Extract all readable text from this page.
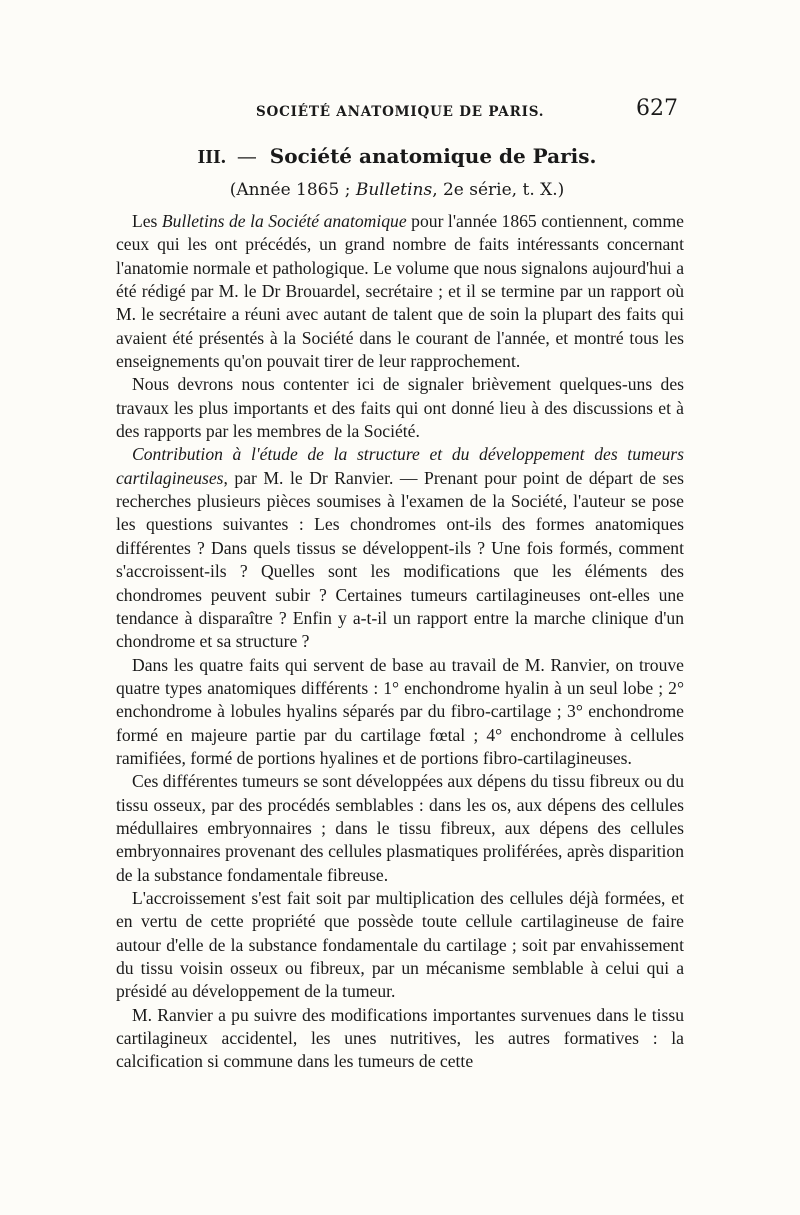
SOCIÉTÉ ANATOMIQUE DE PARIS.	627
III. — Société anatomique de Paris.
(Année 1865 ; Bulletins, 2e série, t. X.)

Les Bulletins de la Société anatomique pour l'année 1865 contiennent, comme ceux qui les ont précédés, un grand nombre de faits intéressants concernant l'anatomie normale et pathologique. Le volume que nous signalons aujourd'hui a été rédigé par M. le Dr Brouardel, secrétaire ; et il se termine par un rapport où M. le secrétaire a réuni avec autant de talent que de soin la plupart des faits qui avaient été présentés à la Société dans le courant de l'année, et montré tous les enseignements qu'on pouvait tirer de leur rapprochement.

Nous devrons nous contenter ici de signaler brièvement quelques-uns des travaux les plus importants et des faits qui ont donné lieu à des discussions et à des rapports par les membres de la Société.

Contribution à l'étude de la structure et du développement des tumeurs cartilagineuses, par M. le Dr Ranvier. — Prenant pour point de départ de ses recherches plusieurs pièces soumises à l'examen de la Société, l'auteur se pose les questions suivantes : Les chondromes ont-ils des formes anatomiques différentes ? Dans quels tissus se développent-ils ? Une fois formés, comment s'accroissent-ils ? Quelles sont les modifications que les éléments des chondromes peuvent subir ? Certaines tumeurs cartilagineuses ont-elles une tendance à disparaître ? Enfin y a-t-il un rapport entre la marche clinique d'un chondrome et sa structure ?

Dans les quatre faits qui servent de base au travail de M. Ranvier, on trouve quatre types anatomiques différents : 1° enchondrome hyalin à un seul lobe ; 2° enchondrome à lobules hyalins séparés par du fibro-cartilage ; 3° enchondrome formé en majeure partie par du cartilage fœtal ; 4° enchondrome à cellules ramifiées, formé de portions hyalines et de portions fibro-cartilagineuses.

Ces différentes tumeurs se sont développées aux dépens du tissu fibreux ou du tissu osseux, par des procédés semblables : dans les os, aux dépens des cellules médullaires embryonnaires ; dans le tissu fibreux, aux dépens des cellules embryonnaires provenant des cellules plasmatiques proliférées, après disparition de la substance fondamentale fibreuse.

L'accroissement s'est fait soit par multiplication des cellules déjà formées, et en vertu de cette propriété que possède toute cellule cartilagineuse de faire autour d'elle de la substance fondamentale du cartilage ; soit par envahissement du tissu voisin osseux ou fibreux, par un mécanisme semblable à celui qui a présidé au développement de la tumeur.

M. Ranvier a pu suivre des modifications importantes survenues dans le tissu cartilagineux accidentel, les unes nutritives, les autres formatives : la calcification si commune dans les tumeurs de cette
